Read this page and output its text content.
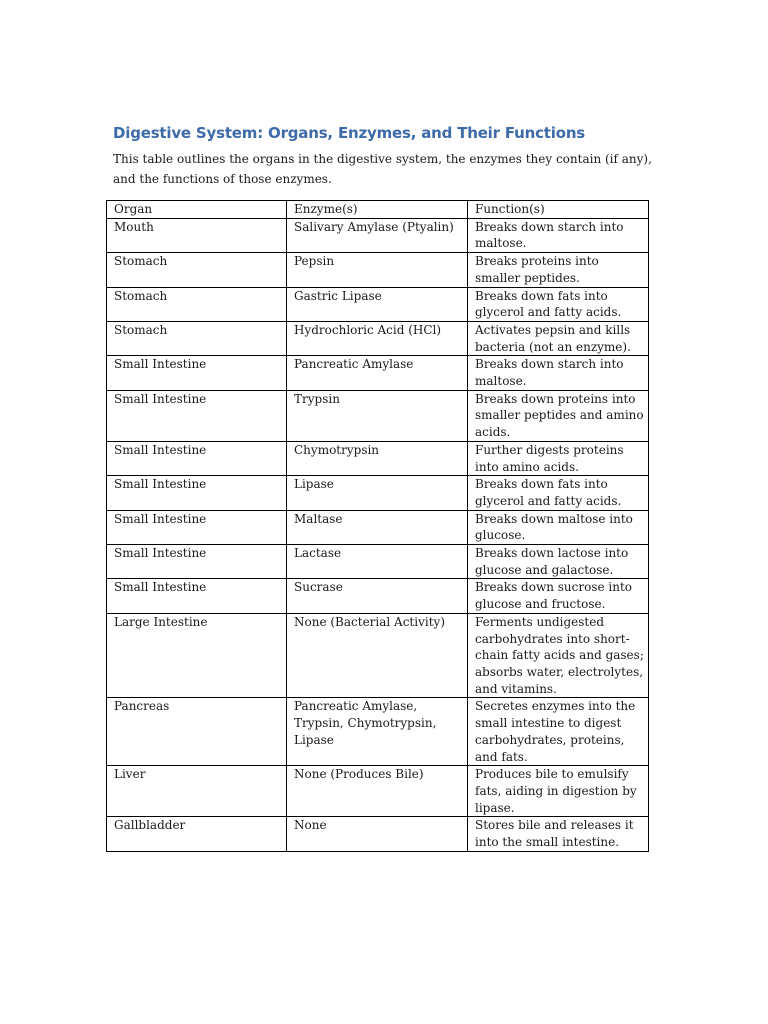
Digestive System: Organs, Enzymes, and Their Functions

This table outlines the organs in the digestive system, the enzymes they contain (if any), and the functions of those enzymes.

Organ	Enzyme(s)	Function(s)
Mouth	Salivary Amylase (Ptyalin)	Breaks down starch into maltose.
Stomach	Pepsin	Breaks proteins into smaller peptides.
Stomach	Gastric Lipase	Breaks down fats into glycerol and fatty acids.
Stomach	Hydrochloric Acid (HCl)	Activates pepsin and kills bacteria (not an enzyme).
Small Intestine	Pancreatic Amylase	Breaks down starch into maltose.
Small Intestine	Trypsin	Breaks down proteins into smaller peptides and amino acids.
Small Intestine	Chymotrypsin	Further digests proteins into amino acids.
Small Intestine	Lipase	Breaks down fats into glycerol and fatty acids.
Small Intestine	Maltase	Breaks down maltose into glucose.
Small Intestine	Lactase	Breaks down lactose into glucose and galactose.
Small Intestine	Sucrase	Breaks down sucrose into glucose and fructose.
Large Intestine	None (Bacterial Activity)	Ferments undigested carbohydrates into short-chain fatty acids and gases; absorbs water, electrolytes, and vitamins.
Pancreas	Pancreatic Amylase, Trypsin, Chymotrypsin, Lipase	Secretes enzymes into the small intestine to digest carbohydrates, proteins, and fats.
Liver	None (Produces Bile)	Produces bile to emulsify fats, aiding in digestion by lipase.
Gallbladder	None	Stores bile and releases it into the small intestine.
